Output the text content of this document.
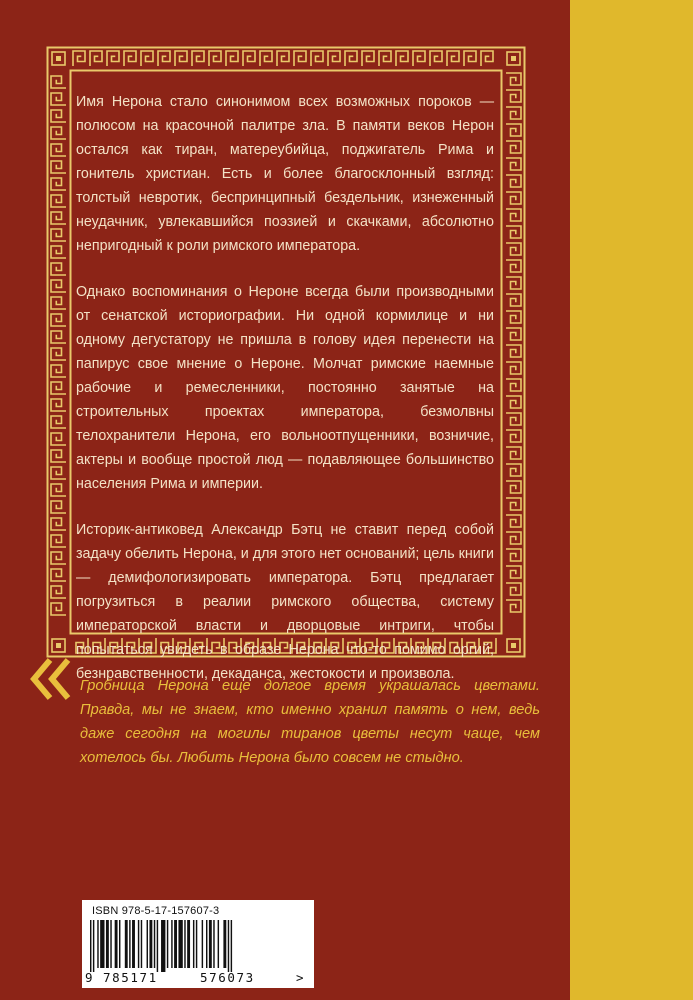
Имя Нерона стало синонимом всех возможных пороков — полюсом на красочной палитре зла. В памяти веков Нерон остался как тиран, матереубийца, поджигатель Рима и гонитель христиан. Есть и более благосклонный взгляд: толстый невротик, беспринципный бездельник, изнеженный неудачник, увлекавшийся поэзией и скачками, абсолютно непригодный к роли римского императора.

Однако воспоминания о Нероне всегда были производными от сенатской историографии. Ни одной кормилице и ни одному дегустатору не пришла в голову идея перенести на папирус свое мнение о Нероне. Молчат римские наемные рабочие и ремесленники, постоянно занятые на строительных проектах императора, безмолвны телохранители Нерона, его вольноотпущенники, возничие, актеры и вообще простой люд — подавляющее большинство населения Рима и империи.

Историк-антиковед Александр Бэтц не ставит перед собой задачу обелить Нерона, и для этого нет оснований; цель книги — демифологизировать императора. Бэтц предлагает погрузиться в реалии римского общества, систему императорской власти и дворцовые интриги, чтобы попытаться увидеть в образе Нерона что-то помимо оргий, безнравственности, декаданса, жестокости и произвола.

Гробница Нерона еще долгое время украшалась цветами. Правда, мы не знаем, кто именно хранил память о нем, ведь даже сегодня на могилы тиранов цветы несут чаще, чем хотелось бы. Любить Нерона было совсем не стыдно.
ISBN 978-5-17-157607-3
9 785171	576073	>
